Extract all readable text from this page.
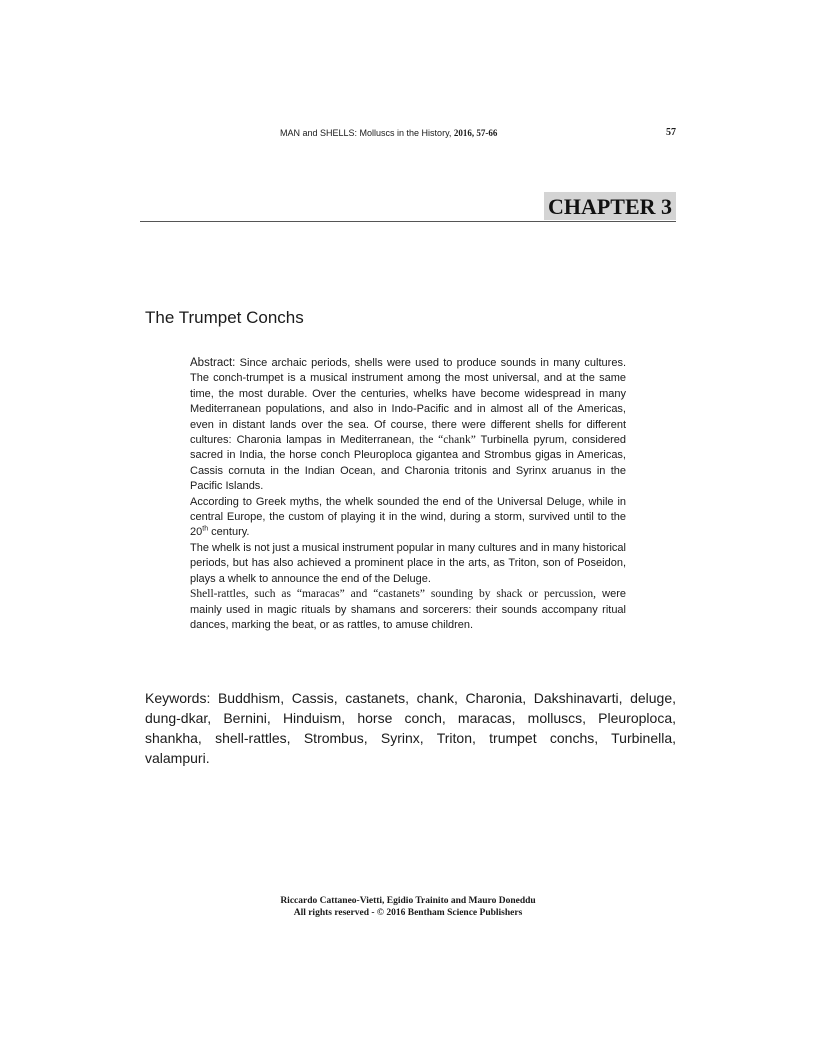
MAN and SHELLS: Molluscs in the History, 2016, 57-66	57
CHAPTER 3
The Trumpet Conchs

Abstract: Since archaic periods, shells were used to produce sounds in many cultures. The conch-trumpet is a musical instrument among the most universal, and at the same time, the most durable. Over the centuries, whelks have become widespread in many Mediterranean populations, and also in Indo-Pacific and in almost all of the Americas, even in distant lands over the sea. Of course, there were different shells for different cultures: Charonia lampas in Mediterranean, the “chank” Turbinella pyrum, considered sacred in India, the horse conch Pleuroploca gigantea and Strombus gigas in Americas, Cassis cornuta in the Indian Ocean, and Charonia tritonis and Syrinx aruanus in the Pacific Islands.

According to Greek myths, the whelk sounded the end of the Universal Deluge, while in central Europe, the custom of playing it in the wind, during a storm, survived until to the 20th century.

The whelk is not just a musical instrument popular in many cultures and in many historical periods, but has also achieved a prominent place in the arts, as Triton, son of Poseidon, plays a whelk to announce the end of the Deluge.

Shell-rattles, such as “maracas” and “castanets” sounding by shack or percussion, were mainly used in magic rituals by shamans and sorcerers: their sounds accompany ritual dances, marking the beat, or as rattles, to amuse children.

Keywords: Buddhism, Cassis, castanets, chank, Charonia, Dakshinavarti, deluge, dung-dkar, Bernini, Hinduism, horse conch, maracas, molluscs, Pleuroploca, shankha, shell-rattles, Strombus, Syrinx, Triton, trumpet conchs, Turbinella, valampuri.

Riccardo Cattaneo-Vietti, Egidio Trainito and Mauro Doneddu
All rights reserved - © 2016 Bentham Science Publishers
